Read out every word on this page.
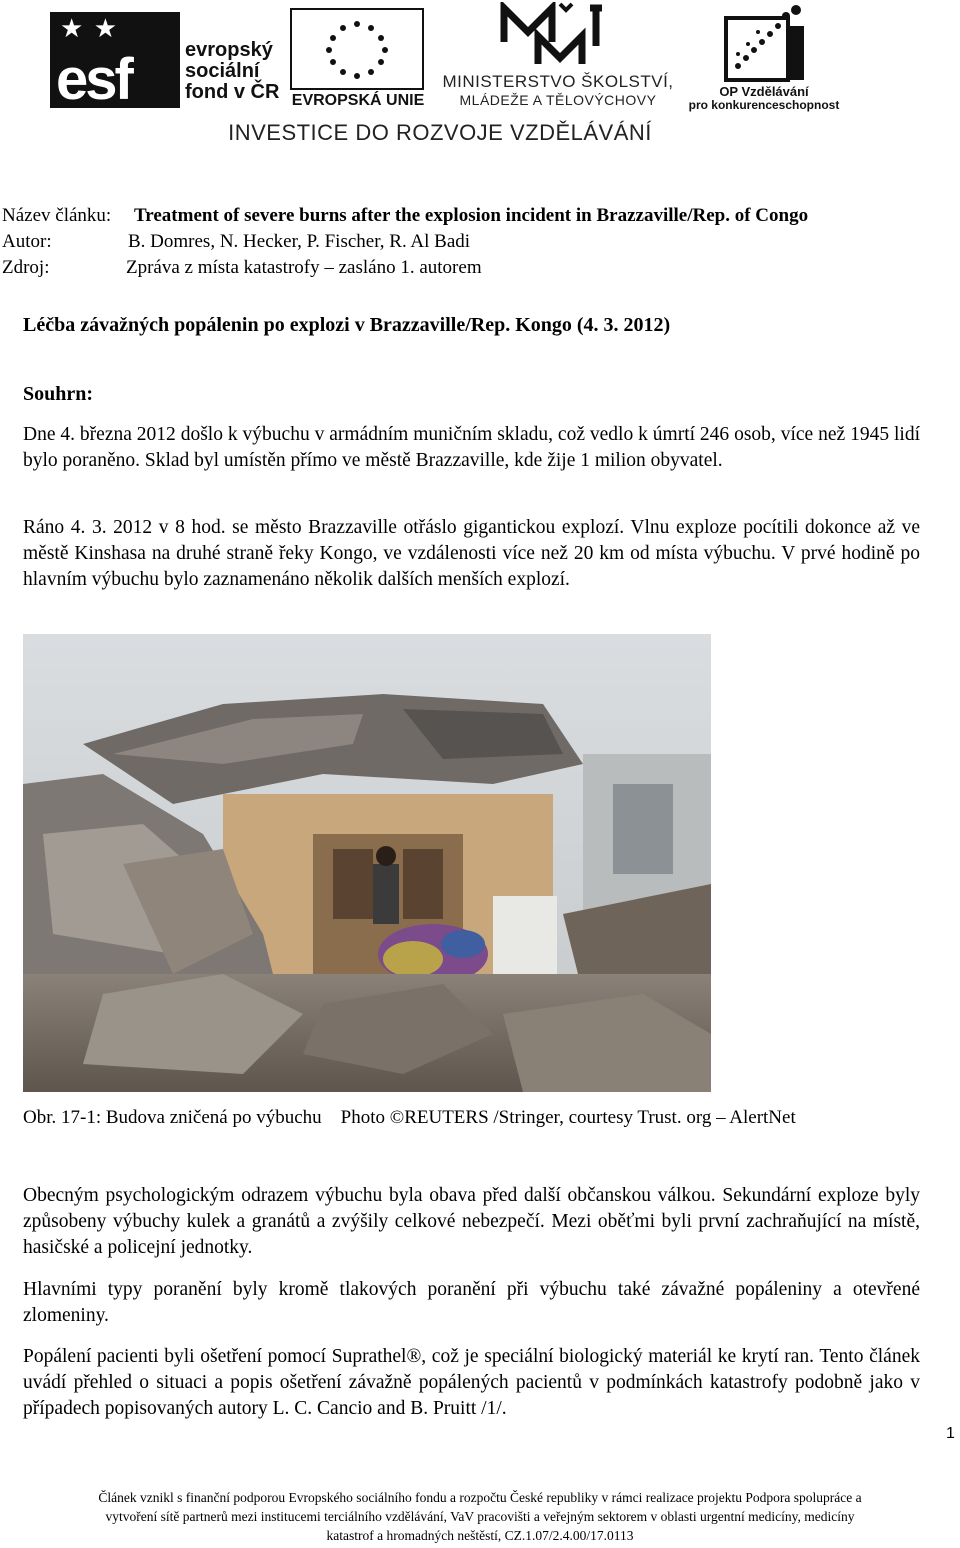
★ ★
esf	evropský
sociální
fond v ČR EVROPSKÁ UNIE
MINISTERSTVO ŠKOLSTVÍ,
MLÁDEŽE A TĚLOVÝCHOVY
OP Vzdělávání
pro konkurenceschopnost
INVESTICE DO ROZVOJE VZDĚLÁVÁNÍ
Název článku: Treatment of severe burns after the explosion incident in Brazzaville/Rep. of Congo
Autor:	B. Domres, N. Hecker, P. Fischer, R. Al Badi
Zdroj:	Zpráva z místa katastrofy – zasláno 1. autorem
Léčba závažných popálenin po explozi v Brazzaville/Rep. Kongo (4. 3. 2012)
Souhrn:

Dne 4. března 2012 došlo k výbuchu v armádním muničním skladu, což vedlo k úmrtí 246 osob, více než 1945 lidí bylo poraněno. Sklad byl umístěn přímo ve městě Brazzaville, kde žije 1 milion obyvatel.

Ráno 4. 3. 2012 v 8 hod. se město Brazzaville otřáslo gigantickou explozí. Vlnu exploze pocítili dokonce až ve městě Kinshasa na druhé straně řeky Kongo, ve vzdálenosti více než 20 km od místa výbuchu. V prvé hodině po hlavním výbuchu bylo zaznamenáno několik dalších menších explozí.

Obr. 17-1: Budova zničená po výbuchu Photo ©REUTERS /Stringer, courtesy Trust. org – AlertNet

Obecným psychologickým odrazem výbuchu byla obava před další občanskou válkou. Sekundární exploze byly způsobeny výbuchy kulek a granátů a zvýšily celkové nebezpečí. Mezi oběťmi byli první zachraňující na místě, hasičské a policejní jednotky.

Hlavními typy poranění byly kromě tlakových poranění při výbuchu také závažné popáleniny a otevřené zlomeniny.

Popálení pacienti byli ošetření pomocí Suprathel®, což je speciální biologický materiál ke krytí ran. Tento článek uvádí přehled o situaci a popis ošetření závažně popálených pacientů v podmínkách katastrofy podobně jako v případech popisovaných autory L. C. Cancio and B. Pruitt /1/.

1
Článek vznikl s finanční podporou Evropského sociálního fondu a rozpočtu České republiky v rámci realizace projektu Podpora spolupráce a
vytvoření sítě partnerů mezi institucemi terciálního vzdělávání, VaV pracovišti a veřejným sektorem v oblasti urgentní medicíny, medicíny
katastrof a hromadných neštěstí, CZ.1.07/2.4.00/17.0113
